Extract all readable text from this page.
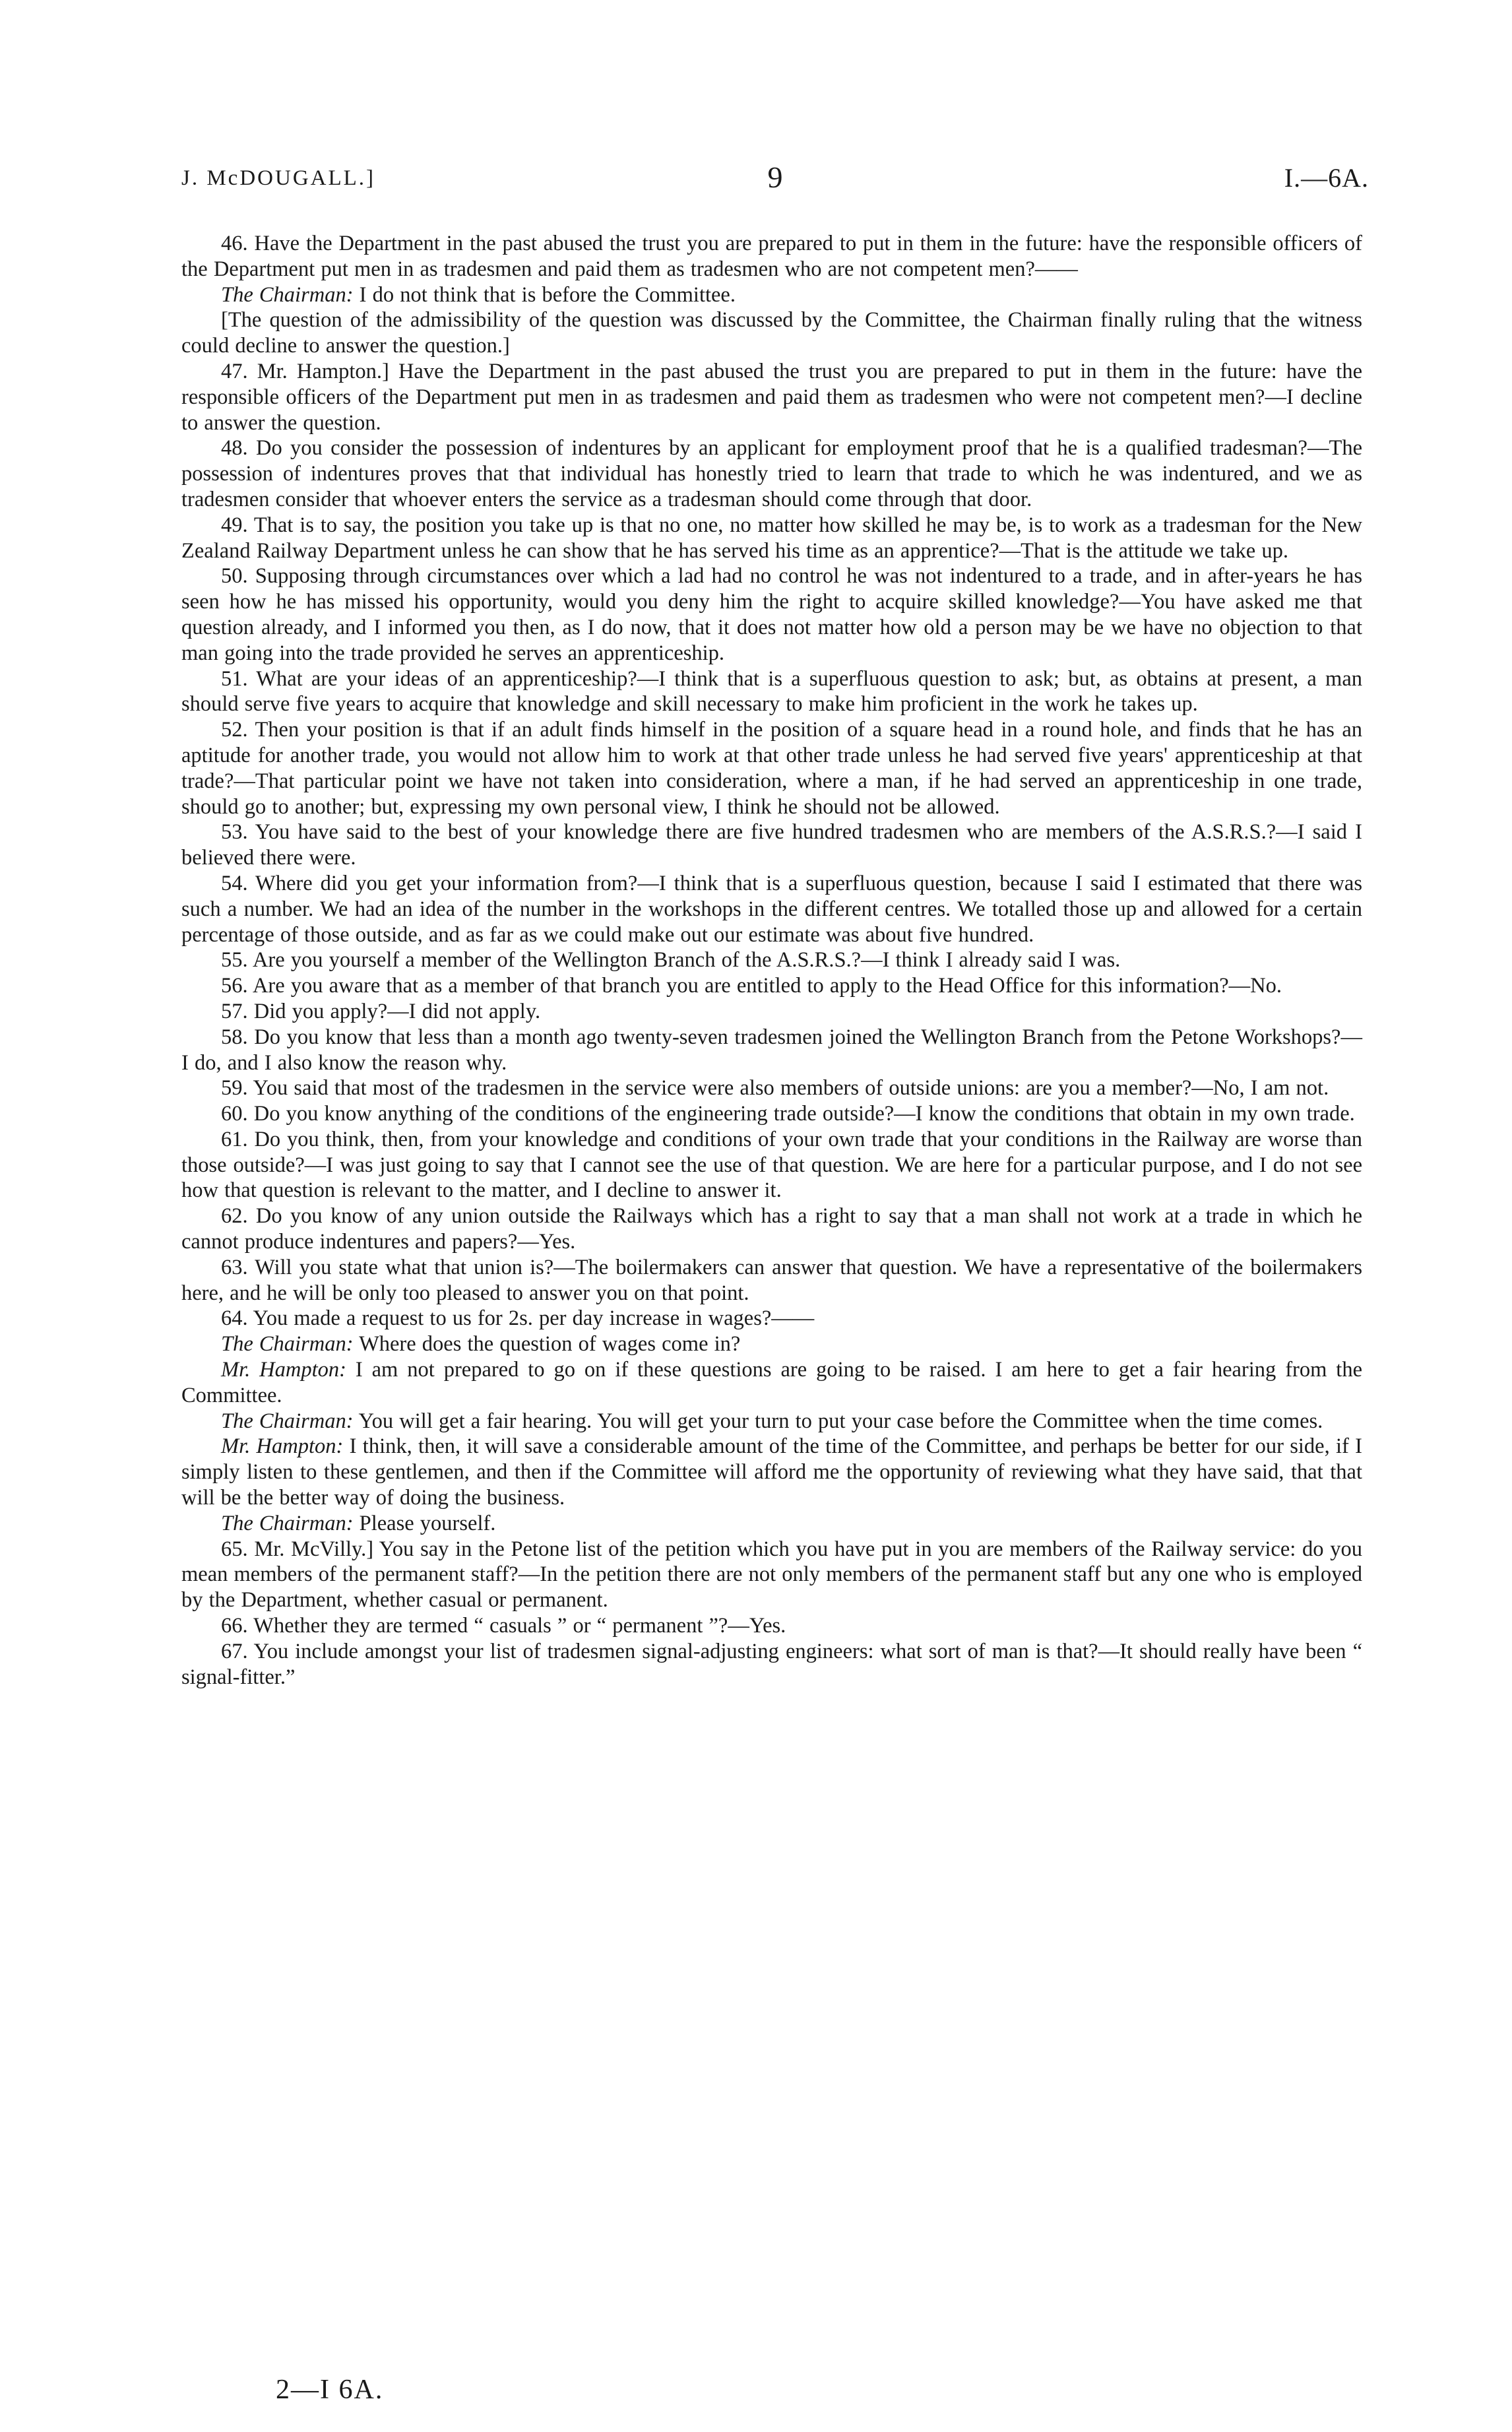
J. McDOUGALL.]	9	I.—6A.

46. Have the Department in the past abused the trust you are prepared to put in them in the future: have the responsible officers of the Department put men in as tradesmen and paid them as tradesmen who are not competent men?——

The Chairman: I do not think that is before the Committee.

[The question of the admissibility of the question was discussed by the Committee, the Chairman finally ruling that the witness could decline to answer the question.]

47. Mr. Hampton.] Have the Department in the past abused the trust you are prepared to put in them in the future: have the responsible officers of the Department put men in as tradesmen and paid them as tradesmen who were not competent men?—I decline to answer the question.

48. Do you consider the possession of indentures by an applicant for employment proof that he is a qualified tradesman?—The possession of indentures proves that that individual has honestly tried to learn that trade to which he was indentured, and we as tradesmen consider that whoever enters the service as a tradesman should come through that door.

49. That is to say, the position you take up is that no one, no matter how skilled he may be, is to work as a tradesman for the New Zealand Railway Department unless he can show that he has served his time as an apprentice?—That is the attitude we take up.

50. Supposing through circumstances over which a lad had no control he was not indentured to a trade, and in after-years he has seen how he has missed his opportunity, would you deny him the right to acquire skilled knowledge?—You have asked me that question already, and I informed you then, as I do now, that it does not matter how old a person may be we have no objection to that man going into the trade provided he serves an apprenticeship.

51. What are your ideas of an apprenticeship?—I think that is a superfluous question to ask; but, as obtains at present, a man should serve five years to acquire that knowledge and skill necessary to make him proficient in the work he takes up.

52. Then your position is that if an adult finds himself in the position of a square head in a round hole, and finds that he has an aptitude for another trade, you would not allow him to work at that other trade unless he had served five years' apprenticeship at that trade?—That particular point we have not taken into consideration, where a man, if he had served an apprenticeship in one trade, should go to another; but, expressing my own personal view, I think he should not be allowed.

53. You have said to the best of your knowledge there are five hundred tradesmen who are members of the A.S.R.S.?—I said I believed there were.

54. Where did you get your information from?—I think that is a superfluous question, because I said I estimated that there was such a number. We had an idea of the number in the workshops in the different centres. We totalled those up and allowed for a certain percentage of those outside, and as far as we could make out our estimate was about five hundred.

55. Are you yourself a member of the Wellington Branch of the A.S.R.S.?—I think I already said I was.

56. Are you aware that as a member of that branch you are entitled to apply to the Head Office for this information?—No.

57. Did you apply?—I did not apply.

58. Do you know that less than a month ago twenty-seven tradesmen joined the Wellington Branch from the Petone Workshops?—I do, and I also know the reason why.

59. You said that most of the tradesmen in the service were also members of outside unions: are you a member?—No, I am not.

60. Do you know anything of the conditions of the engineering trade outside?—I know the conditions that obtain in my own trade.

61. Do you think, then, from your knowledge and conditions of your own trade that your conditions in the Railway are worse than those outside?—I was just going to say that I cannot see the use of that question. We are here for a particular purpose, and I do not see how that question is relevant to the matter, and I decline to answer it.

62. Do you know of any union outside the Railways which has a right to say that a man shall not work at a trade in which he cannot produce indentures and papers?—Yes.

63. Will you state what that union is?—The boilermakers can answer that question. We have a representative of the boilermakers here, and he will be only too pleased to answer you on that point.

64. You made a request to us for 2s. per day increase in wages?——

The Chairman: Where does the question of wages come in?

Mr. Hampton: I am not prepared to go on if these questions are going to be raised. I am here to get a fair hearing from the Committee.

The Chairman: You will get a fair hearing. You will get your turn to put your case before the Committee when the time comes.

Mr. Hampton: I think, then, it will save a considerable amount of the time of the Committee, and perhaps be better for our side, if I simply listen to these gentlemen, and then if the Committee will afford me the opportunity of reviewing what they have said, that that will be the better way of doing the business.

The Chairman: Please yourself.

65. Mr. McVilly.] You say in the Petone list of the petition which you have put in you are members of the Railway service: do you mean members of the permanent staff?—In the petition there are not only members of the permanent staff but any one who is employed by the Department, whether casual or permanent.

66. Whether they are termed “ casuals ” or “ permanent ”?—Yes.

67. You include amongst your list of tradesmen signal-adjusting engineers: what sort of man is that?—It should really have been “ signal-fitter.”

2—I 6A.
